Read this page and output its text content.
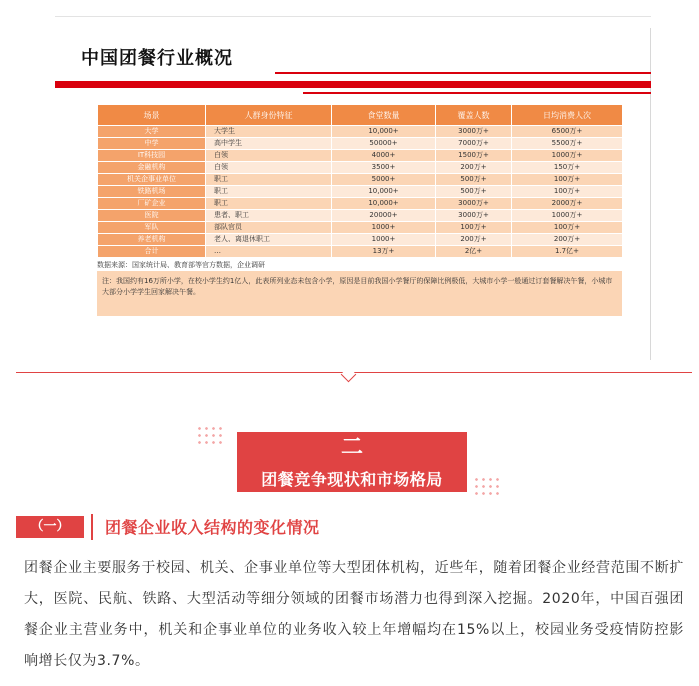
中国团餐行业概况
场景	人群身份特征	食堂数量	覆盖人数	日均消费人次
大学	大学生	10,000+	3000万+	6500万+
中学	高中学生	50000+	7000万+	5500万+
IT科技园	白领	4000+	1500万+	1000万+
金融机构	白领	3500+	200万+	150万+
机关企事业单位	职工	5000+	500万+	100万+
铁路机场	职工	10,000+	500万+	100万+
厂矿企业	职工	10,000+	3000万+	2000万+
医院	患者、职工	20000+	3000万+	1000万+
军队	部队官员	1000+	100万+	100万+
养老机构	老人、离退休职工	1000+	200万+	200万+
合计	…	13万+	2亿+	1.7亿+
数据来源：国家统计局、教育部等官方数据，企业调研
注：我国约有16万所小学，在校小学生约1亿人，此表所列业态未包含小学，原因是目前我国小学餐厅的保障比例极低，大城市小学一般通过订套餐解决午餐，小城市大部分小学学生回家解决午餐。
二
团餐竞争现状和市场格局
（一）	团餐企业收入结构的变化情况
团餐企业主要服务于校园、机关、企事业单位等大型团体机构，近些年，随着团餐企业经营范围不断扩大，医院、民航、铁路、大型活动等细分领域的团餐市场潜力也得到深入挖掘。2020年，中国百强团餐企业主营业务中，机关和企事业单位的业务收入较上年增幅均在15%以上，校园业务受疫情防控影响增长仅为3.7%。
